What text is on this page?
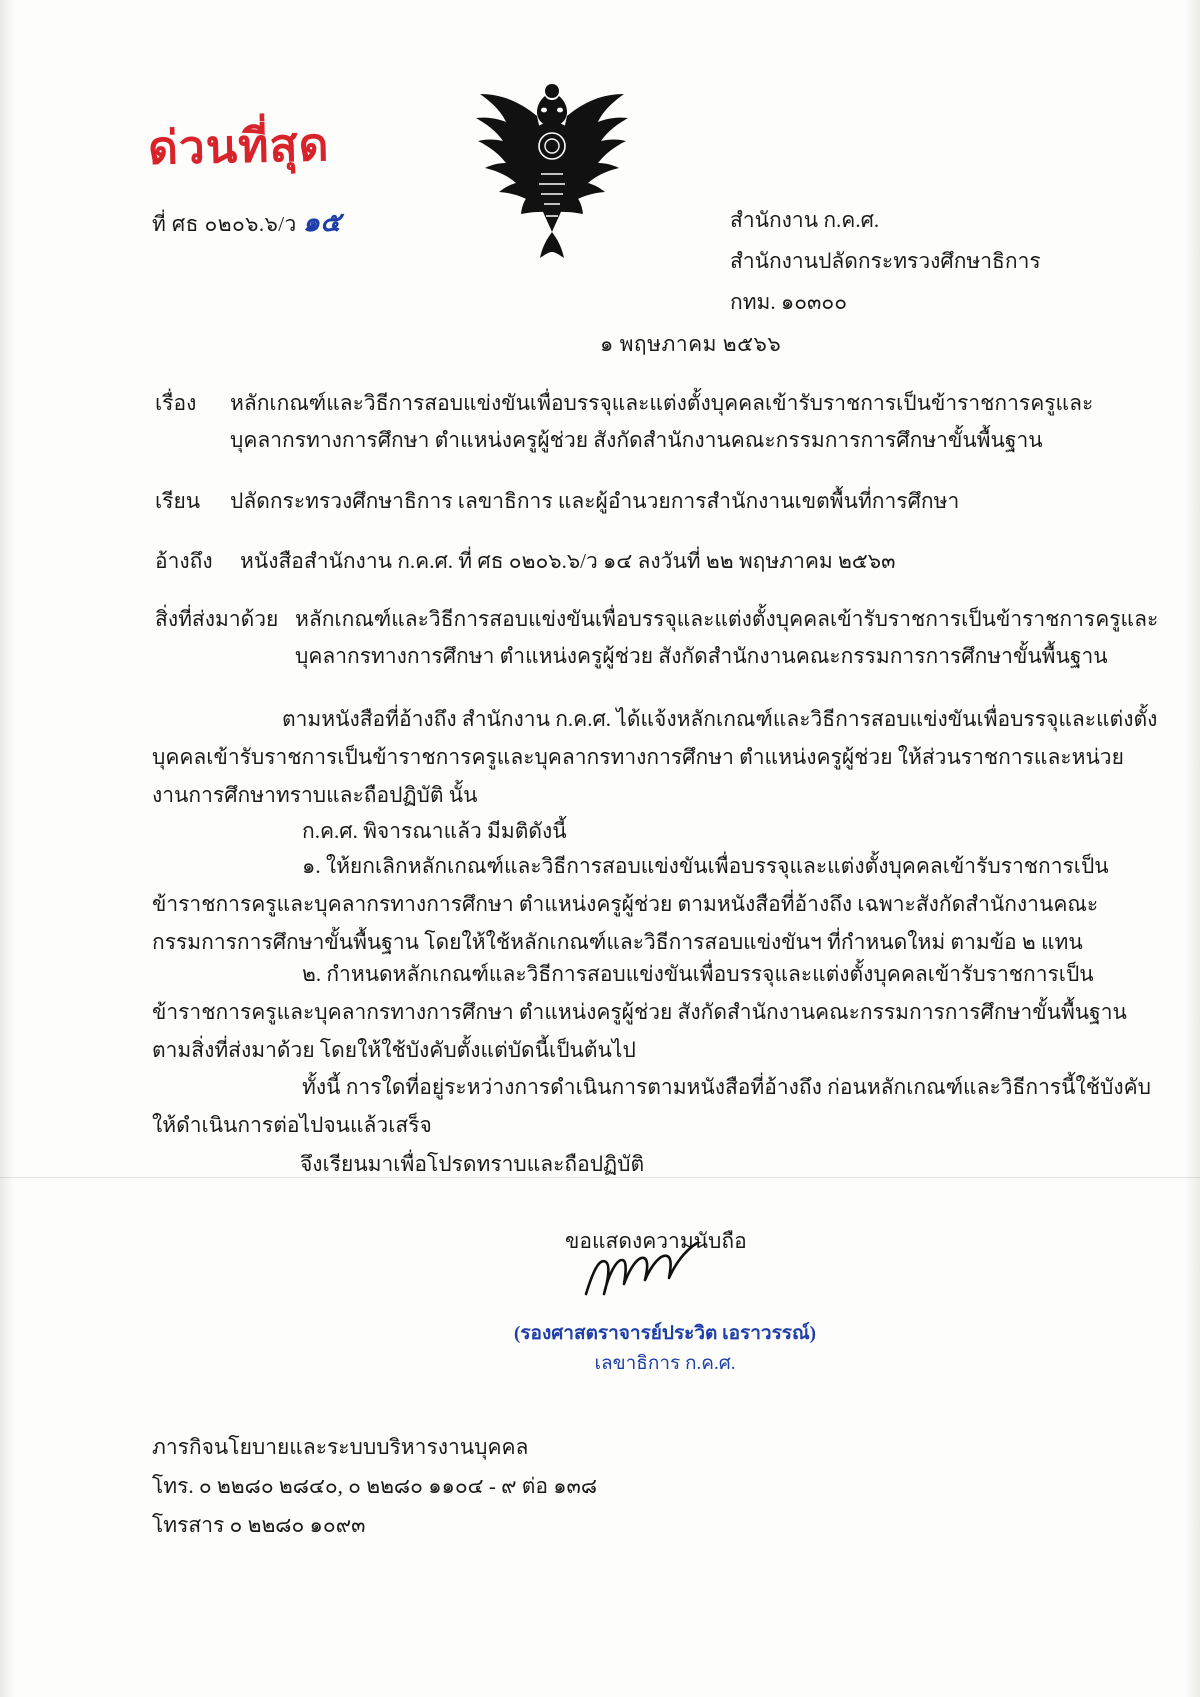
ด่วนที่สุด
ที่ ศธ ๐๒๐๖.๖/ว ๑๕	สำนักงาน ก.ค.ศ.
สำนักงานปลัดกระทรวงศึกษาธิการ
กทม. ๑๐๓๐๐
๑ พฤษภาคม ๒๕๖๖
เรื่อง หลักเกณฑ์และวิธีการสอบแข่งขันเพื่อบรรจุและแต่งตั้งบุคคลเข้ารับราชการเป็นข้าราชการครูและบุคลากรทางการศึกษา ตำแหน่งครูผู้ช่วย สังกัดสำนักงานคณะกรรมการการศึกษาขั้นพื้นฐาน
เรียน ปลัดกระทรวงศึกษาธิการ เลขาธิการ และผู้อำนวยการสำนักงานเขตพื้นที่การศึกษา
อ้างถึง หนังสือสำนักงาน ก.ค.ศ. ที่ ศธ ๐๒๐๖.๖/ว ๑๔ ลงวันที่ ๒๒ พฤษภาคม ๒๕๖๓
สิ่งที่ส่งมาด้วย หลักเกณฑ์และวิธีการสอบแข่งขันเพื่อบรรจุและแต่งตั้งบุคคลเข้ารับราชการเป็นข้าราชการครูและบุคลากรทางการศึกษา ตำแหน่งครูผู้ช่วย สังกัดสำนักงานคณะกรรมการการศึกษาขั้นพื้นฐาน
ตามหนังสือที่อ้างถึง สำนักงาน ก.ค.ศ. ได้แจ้งหลักเกณฑ์และวิธีการสอบแข่งขันเพื่อบรรจุและแต่งตั้งบุคคลเข้ารับราชการเป็นข้าราชการครูและบุคลากรทางการศึกษา ตำแหน่งครูผู้ช่วย ให้ส่วนราชการและหน่วยงานการศึกษาทราบและถือปฏิบัติ นั้น
ก.ค.ศ. พิจารณาแล้ว มีมติดังนี้
๑. ให้ยกเลิกหลักเกณฑ์และวิธีการสอบแข่งขันเพื่อบรรจุและแต่งตั้งบุคคลเข้ารับราชการเป็นข้าราชการครูและบุคลากรทางการศึกษา ตำแหน่งครูผู้ช่วย ตามหนังสือที่อ้างถึง เฉพาะสังกัดสำนักงานคณะกรรมการการศึกษาขั้นพื้นฐาน โดยให้ใช้หลักเกณฑ์และวิธีการสอบแข่งขันฯ ที่กำหนดใหม่ ตามข้อ ๒ แทน
๒. กำหนดหลักเกณฑ์และวิธีการสอบแข่งขันเพื่อบรรจุและแต่งตั้งบุคคลเข้ารับราชการเป็นข้าราชการครูและบุคลากรทางการศึกษา ตำแหน่งครูผู้ช่วย สังกัดสำนักงานคณะกรรมการการศึกษาขั้นพื้นฐาน ตามสิ่งที่ส่งมาด้วย โดยให้ใช้บังคับตั้งแต่บัดนี้เป็นต้นไป
ทั้งนี้ การใดที่อยู่ระหว่างการดำเนินการตามหนังสือที่อ้างถึง ก่อนหลักเกณฑ์และวิธีการนี้ใช้บังคับ ให้ดำเนินการต่อไปจนแล้วเสร็จ
จึงเรียนมาเพื่อโปรดทราบและถือปฏิบัติ
ขอแสดงความนับถือ
(รองศาสตราจารย์ประวิต เอราวรรณ์)
เลขาธิการ ก.ค.ศ.
ภารกิจนโยบายและระบบบริหารงานบุคคล
โทร. ๐ ๒๒๘๐ ๒๘๔๐, ๐ ๒๒๘๐ ๑๑๐๔ - ๙ ต่อ ๑๓๘
โทรสาร ๐ ๒๒๘๐ ๑๐๙๓
